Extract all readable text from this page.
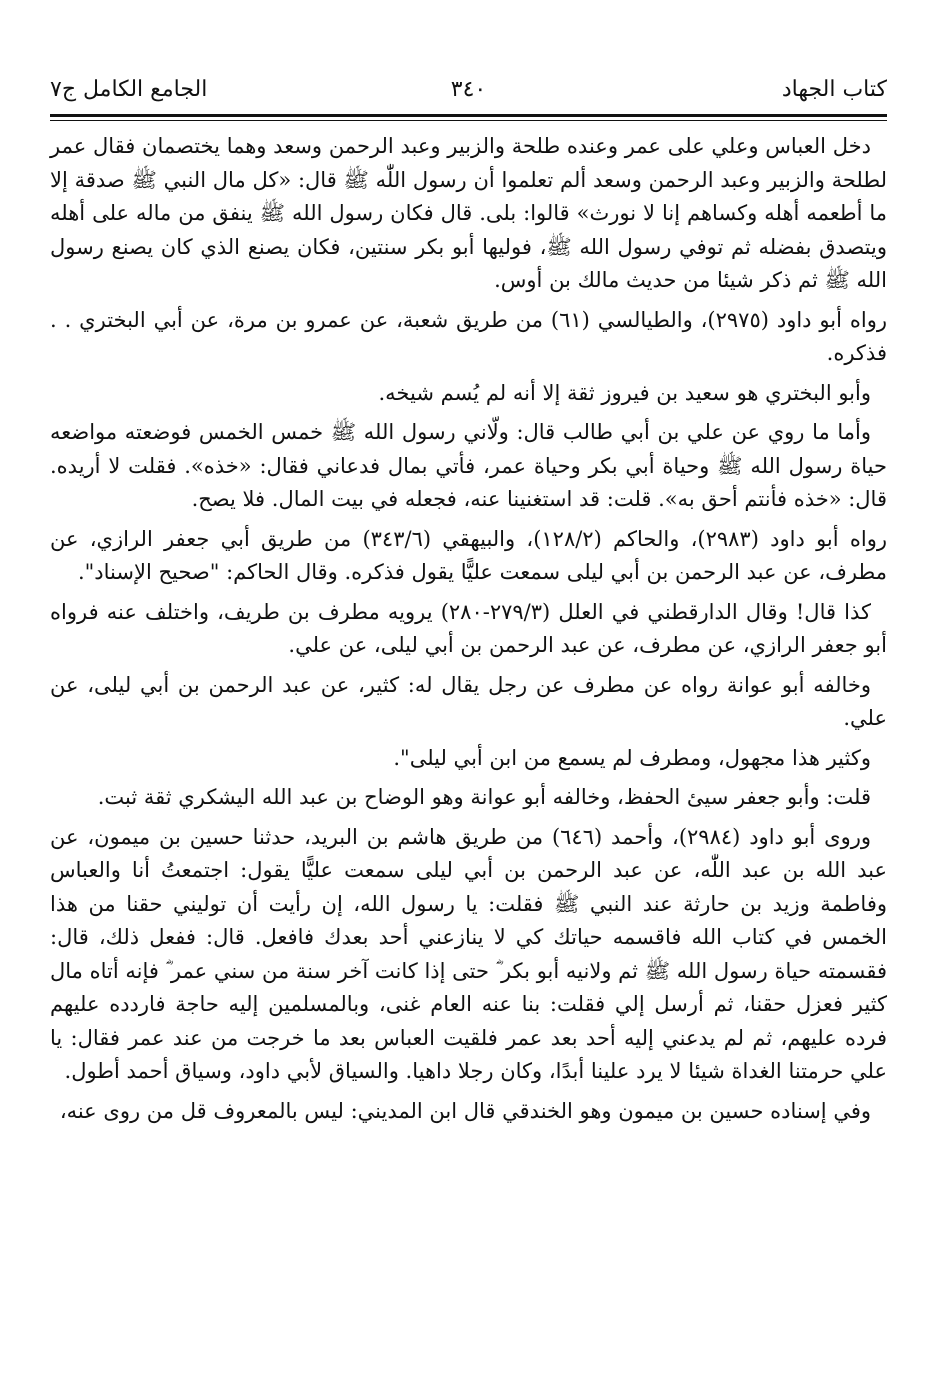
كتاب الجهاد
٣٤٠
الجامع الكامل ج٧

دخل العباس وعلي على عمر وعنده طلحة والزبير وعبد الرحمن وسعد وهما يختصمان فقال عمر لطلحة والزبير وعبد الرحمن وسعد ألم تعلموا أن رسول اللّٰه ﷺ قال: «كل مال النبي ﷺ صدقة إلا ما أطعمه أهله وكساهم إنا لا نورث» قالوا: بلى. قال فكان رسول الله ﷺ ينفق من ماله على أهله ويتصدق بفضله ثم توفي رسول الله ﷺ، فوليها أبو بكر سنتين، فكان يصنع الذي كان يصنع رسول الله ﷺ ثم ذكر شيئا من حديث مالك بن أوس.

رواه أبو داود (٢٩٧٥)، والطيالسي (٦١) من طريق شعبة، عن عمرو بن مرة، عن أبي البختري . . فذكره.

وأبو البختري هو سعيد بن فيروز ثقة إلا أنه لم يُسم شيخه.

وأما ما روي عن علي بن أبي طالب قال: ولّاني رسول الله ﷺ خمس الخمس فوضعته مواضعه حياة رسول الله ﷺ وحياة أبي بكر وحياة عمر، فأتي بمال فدعاني فقال: «خذه». فقلت لا أريده. قال: «خذه فأنتم أحق به». قلت: قد استغنينا عنه، فجعله في بيت المال. فلا يصح.

رواه أبو داود (٢٩٨٣)، والحاكم (١٢٨/٢)، والبيهقي (٣٤٣/٦) من طريق أبي جعفر الرازي، عن مطرف، عن عبد الرحمن بن أبي ليلى سمعت عليًّا يقول فذكره. وقال الحاكم: "صحيح الإسناد".

كذا قال! وقال الدارقطني في العلل (٢٧٩/٣-٢٨٠) يرويه مطرف بن طريف، واختلف عنه فرواه أبو جعفر الرازي، عن مطرف، عن عبد الرحمن بن أبي ليلى، عن علي.

وخالفه أبو عوانة رواه عن مطرف عن رجل يقال له: كثير، عن عبد الرحمن بن أبي ليلى، عن علي.

وكثير هذا مجهول، ومطرف لم يسمع من ابن أبي ليلى".

قلت: وأبو جعفر سيئ الحفظ، وخالفه أبو عوانة وهو الوضاح بن عبد الله اليشكري ثقة ثبت.

وروى أبو داود (٢٩٨٤)، وأحمد (٦٤٦) من طريق هاشم بن البريد، حدثنا حسين بن ميمون، عن عبد الله بن عبد اللّٰه، عن عبد الرحمن بن أبي ليلى سمعت عليًّا يقول: اجتمعتُ أنا والعباس وفاطمة وزيد بن حارثة عند النبي ﷺ فقلت: يا رسول الله، إن رأيت أن توليني حقنا من هذا الخمس في كتاب الله فاقسمه حياتك كي لا ينازعني أحد بعدك فافعل. قال: ففعل ذلك، قال: فقسمته حياة رسول الله ﷺ ثم ولانيه أبو بكر ؓ حتى إذا كانت آخر سنة من سني عمر ؓ فإنه أتاه مال كثير فعزل حقنا، ثم أرسل إلي فقلت: بنا عنه العام غنى، وبالمسلمين إليه حاجة فاردده عليهم فرده عليهم، ثم لم يدعني إليه أحد بعد عمر فلقيت العباس بعد ما خرجت من عند عمر فقال: يا علي حرمتنا الغداة شيئا لا يرد علينا أبدًا، وكان رجلا داهيا. والسياق لأبي داود، وسياق أحمد أطول.

وفي إسناده حسين بن ميمون وهو الخندقي قال ابن المديني: ليس بالمعروف قل من روى عنه،
